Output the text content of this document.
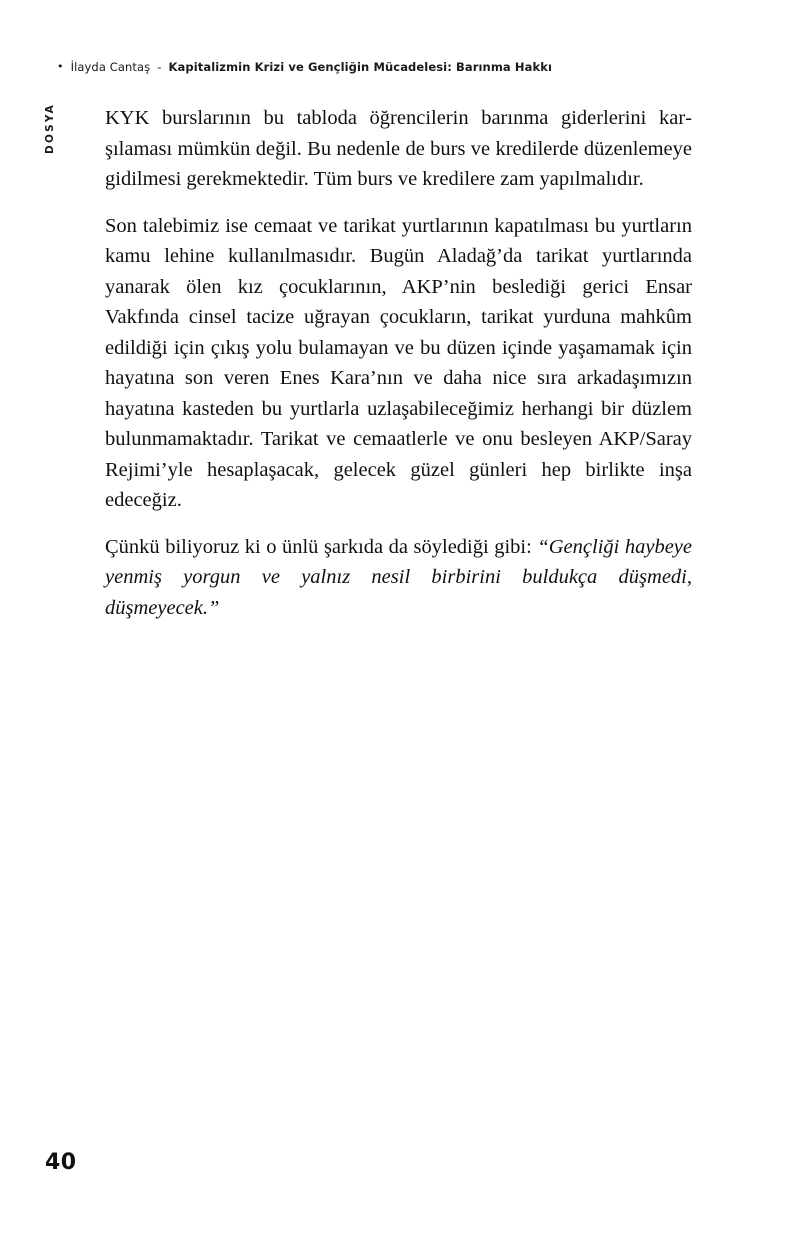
• İlayda Cantaş - Kapitalizmin Krizi ve Gençliğin Mücadelesi: Barınma Hakkı
DOSYA KYK burslarının bu tabloda öğrencilerin barınma giderlerini karşılaması mümkün değil. Bu nedenle de burs ve kredilerde düzenlemeye gidilmesi gerekmektedir. Tüm burs ve kredilere zam yapılmalıdır.

Son talebimiz ise cemaat ve tarikat yurtlarının kapatılması bu yurtların kamu lehine kullanılmasıdır. Bugün Aladağ’da tarikat yurtlarında yanarak ölen kız çocuklarının, AKP’nin beslediği gerici Ensar Vakfında cinsel tacize uğrayan çocukların, tarikat yurduna mahkûm edildiği için çıkış yolu bulamayan ve bu düzen içinde yaşamamak için hayatına son veren Enes Kara’nın ve daha nice sıra arkadaşımızın hayatına kasteden bu yurtlarla uzlaşabileceğimiz herhangi bir düzlem bulunmamaktadır. Tarikat ve cemaatlerle ve onu besleyen AKP/Saray Rejimi’yle hesaplaşacak, gelecek güzel günleri hep birlikte inşa edeceğiz.

Çünkü biliyoruz ki o ünlü şarkıda da söylediği gibi: “Gençliği haybeye yenmiş yorgun ve yalnız nesil birbirini buldukça düşmedi, düşmeyecek.”

40
